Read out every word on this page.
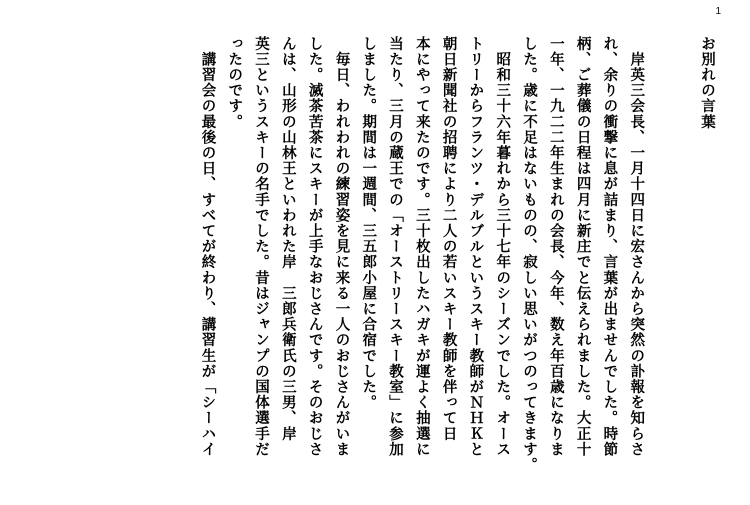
1
お別れの言葉
　岸英三会長、一月十四日に宏さんから突然の訃報を知らさ
れ、余りの衝撃に息が詰まり、言葉が出ませんでした。時節
柄、ご葬儀の日程は四月に新庄でと伝えられました。大正十
一年、一九二二年生まれの会長、今年、数え年百歳になりま
した。歳に不足はないものの、寂しい思いがつのってきます。
　昭和三十六年暮れから三十七年のシーズンでした。オース
トリーからフランツ・デルブルというスキー教師がＮＨＫと
朝日新聞社の招聘により二人の若いスキー教師を伴って日
本にやって来たのです。三十枚出したハガキが運よく抽選に
当たり、三月の蔵王での「オーストリースキー教室」に参加
しました。期間は一週間、三五郎小屋に合宿でした。
　毎日、われわれの練習姿を見に来る一人のおじさんがいま
した。滅茶苦茶にスキーが上手なおじさんです。そのおじさ
んは、山形の山林王といわれた岸　三郎兵衛氏の三男、岸
英三というスキーの名手でした。昔はジャンプの国体選手だ
ったのです。
　講習会の最後の日、すべてが終わり、講習生が「シーハイ
